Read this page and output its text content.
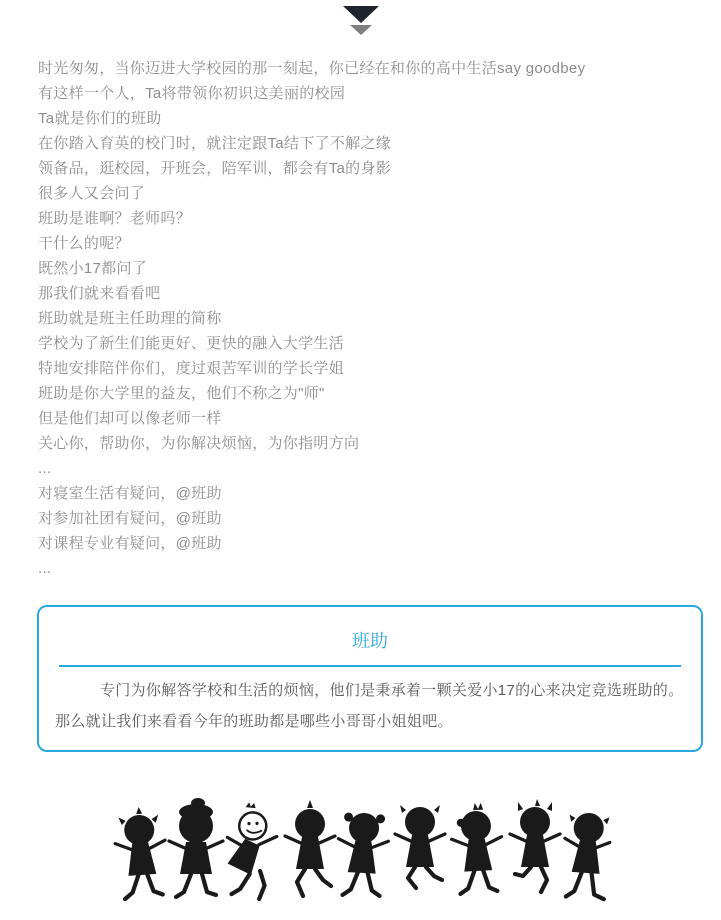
时光匆匆，当你迈进大学校园的那一刻起，你已经在和你的高中生活say goodbey

有这样一个人，Ta将带领你初识这美丽的校园

Ta就是你们的班助

在你踏入育英的校门时，就注定跟Ta结下了不解之缘

领备品，逛校园，开班会，陪军训，都会有Ta的身影

很多人又会问了

班助是谁啊？老师吗？

干什么的呢？

既然小17都问了

那我们就来看看吧

班助就是班主任助理的简称

学校为了新生们能更好、更快的融入大学生活

特地安排陪伴你们，度过艰苦军训的学长学姐

班助是你大学里的益友，他们不称之为"师"

但是他们却可以像老师一样

关心你，帮助你，为你解决烦恼，为你指明方向

...

对寝室生活有疑问，@班助

对参加社团有疑问，@班助

对课程专业有疑问，@班助

...

班助

专门为你解答学校和生活的烦恼，他们是秉承着一颗关爱小17的心来决定竞选班助的。那么就让我们来看看今年的班助都是哪些小哥哥小姐姐吧。
